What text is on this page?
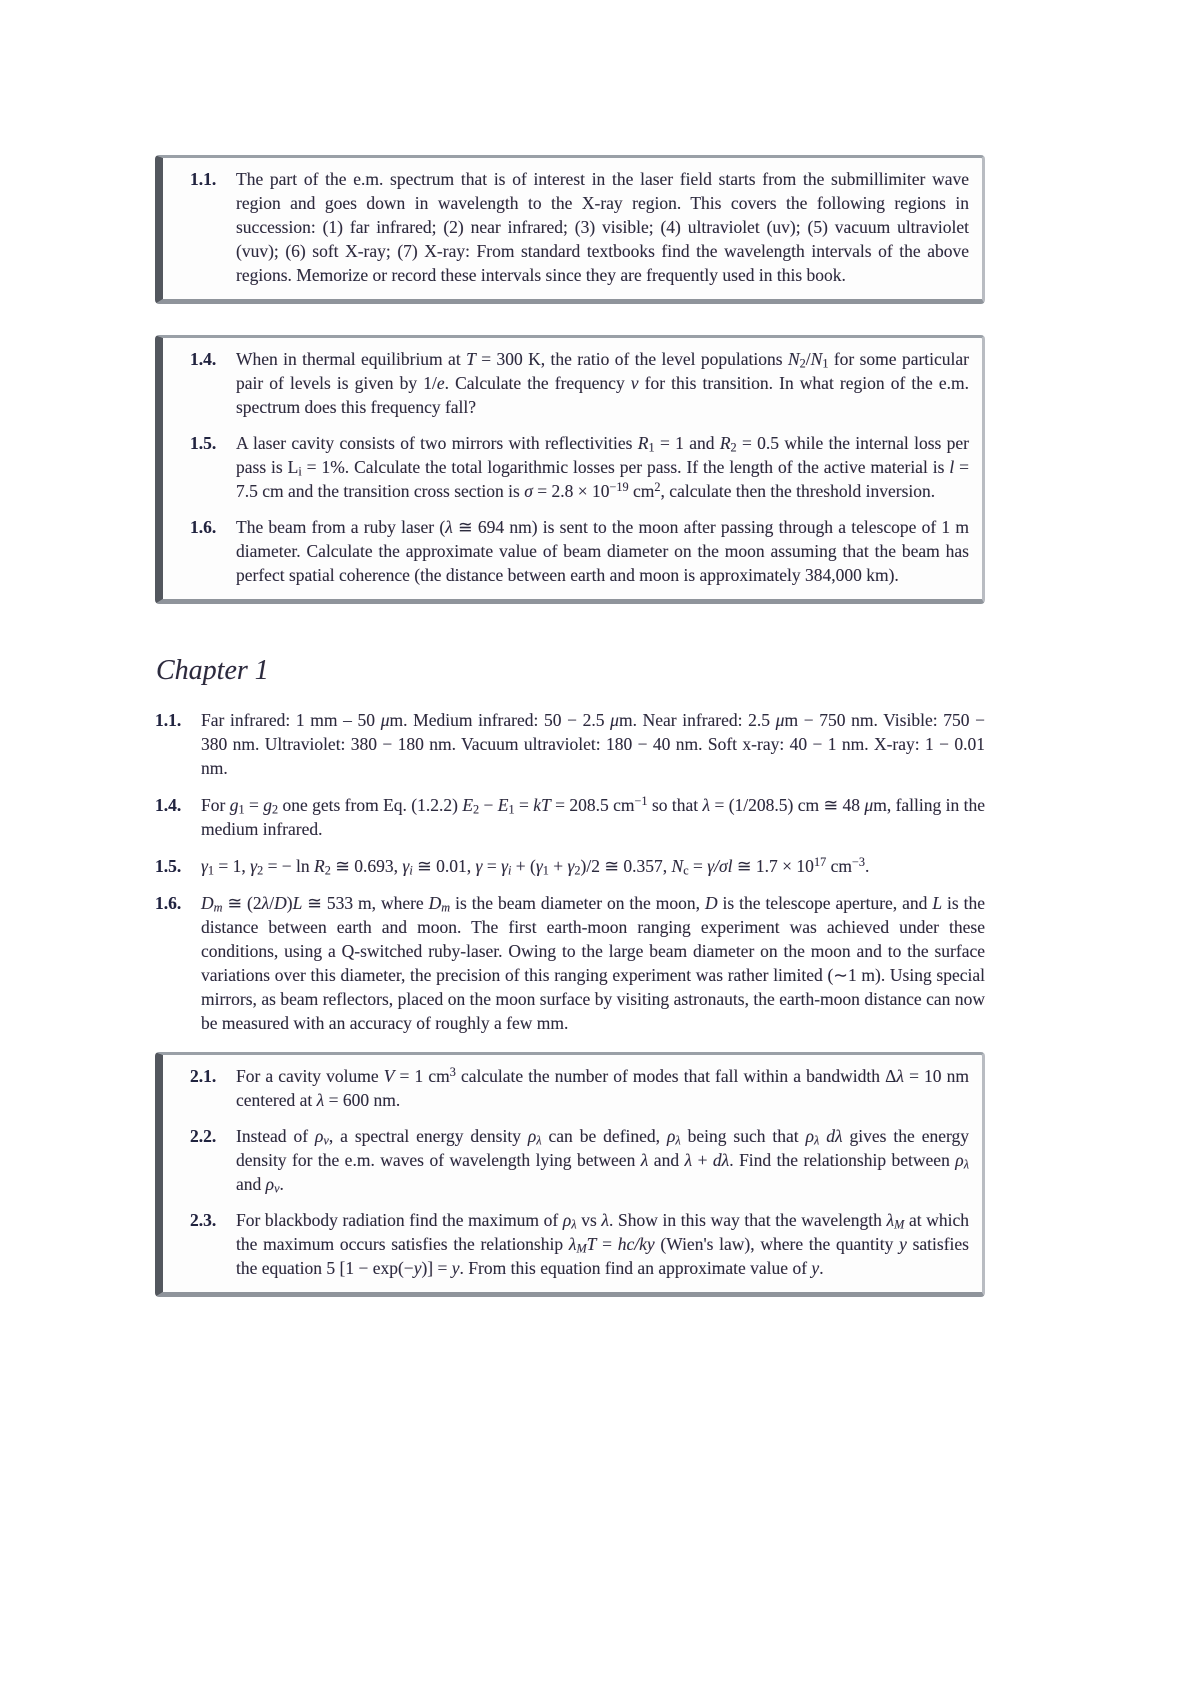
1.1. The part of the e.m. spectrum that is of interest in the laser field starts from the submillimiter wave region and goes down in wavelength to the X-ray region. This covers the following regions in succession: (1) far infrared; (2) near infrared; (3) visible; (4) ultraviolet (uv); (5) vacuum ultraviolet (vuv); (6) soft X-ray; (7) X-ray: From standard textbooks find the wavelength intervals of the above regions. Memorize or record these intervals since they are frequently used in this book.
1.4. When in thermal equilibrium at T = 300 K, the ratio of the level populations N2/N1 for some particular pair of levels is given by 1/e. Calculate the frequency ν for this transition. In what region of the e.m. spectrum does this frequency fall?
1.5. A laser cavity consists of two mirrors with reflectivities R1 = 1 and R2 = 0.5 while the internal loss per pass is Li = 1%. Calculate the total logarithmic losses per pass. If the length of the active material is l = 7.5 cm and the transition cross section is $\sigma = 2.8 \times 10^{-19}$ $cm^2$, calculate then the threshold inversion.
1.6. The beam from a ruby laser (λ ≅ 694 nm) is sent to the moon after passing through a telescope of 1 m diameter. Calculate the approximate value of beam diameter on the moon assuming that the beam has perfect spatial coherence (the distance between earth and moon is approximately 384,000 km).
Chapter 1
1.1. Far infrared: 1 mm – 50 μm. Medium infrared: 50 − 2.5 μm. Near infrared: 2.5 μm − 750 nm. Visible: 750 − 380 nm. Ultraviolet: 380 − 180 nm. Vacuum ultraviolet: 180 − 40 nm. Soft x-ray: 40 − 1 nm. X-ray: 1 − 0.01 nm.
1.4. For g1 = g2 one gets from Eq. (1.2.2) E2 − E1 = kT = 208.5 $cm^{-1}$ so that λ = (1/208.5) cm ≅ 48 μm, falling in the medium infrared.
1.5. γ1 = 1, γ2 = − ln R2 ≅ 0.693, γi ≅ 0.01, γ = γi + (γ1 + γ2)/2 ≅ 0.357, Nc = γ/σl ≅ $1.7 \times 10^{17}$ $cm^{-3}$.
1.6. Dm ≅ (2λ/D)L ≅ 533 m, where Dm is the beam diameter on the moon, D is the telescope aperture, and L is the distance between earth and moon. The first earth-moon ranging experiment was achieved under these conditions, using a Q-switched ruby-laser. Owing to the large beam diameter on the moon and to the surface variations over this diameter, the precision of this ranging experiment was rather limited (∼1 m). Using special mirrors, as beam reflectors, placed on the moon surface by visiting astronauts, the earth-moon distance can now be measured with an accuracy of roughly a few mm.
2.1. For a cavity volume V = 1 $cm^3$ calculate the number of modes that fall within a bandwidth Δλ = 10 nm centered at λ = 600 nm.
2.2. Instead of ρν, a spectral energy density ρλ can be defined, ρλ being such that ρλ dλ gives the energy density for the e.m. waves of wavelength lying between λ and λ + dλ. Find the relationship between ρλ and ρν.
2.3. For blackbody radiation find the maximum of ρλ vs λ. Show in this way that the wavelength λM at which the maximum occurs satisfies the relationship λMT = hc/ky (Wien's law), where the quantity y satisfies the equation 5 [1 − exp(−y)] = y. From this equation find an approximate value of y.
